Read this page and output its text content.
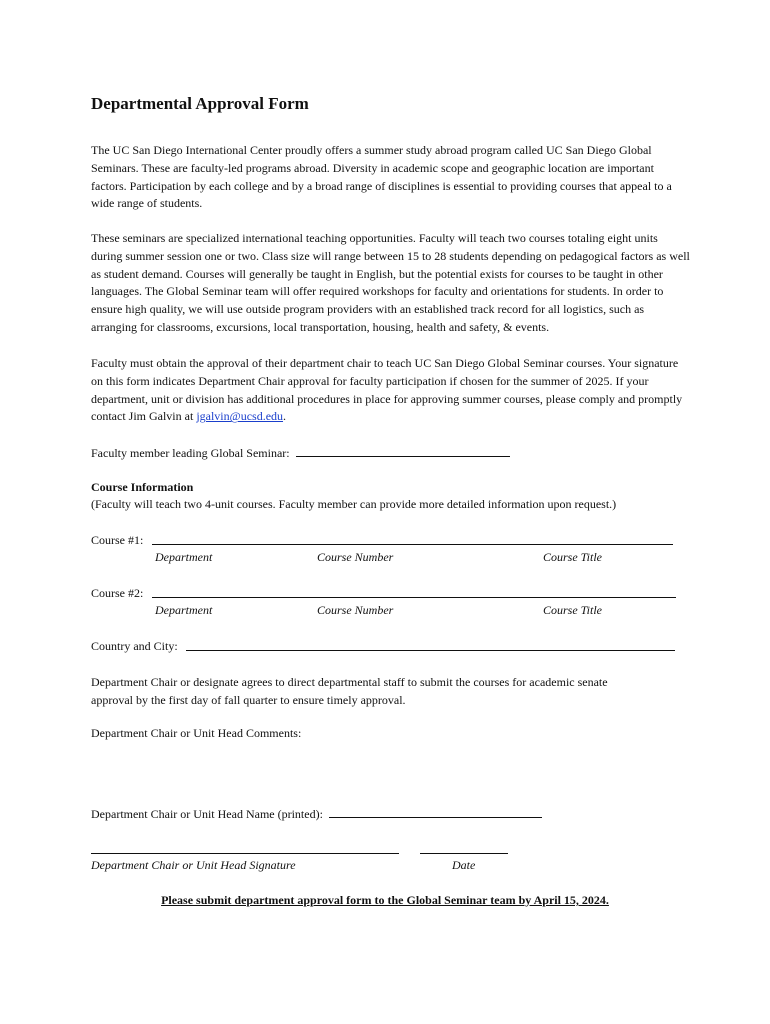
Departmental Approval Form

The UC San Diego International Center proudly offers a summer study abroad program called UC San Diego Global Seminars. These are faculty-led programs abroad. Diversity in academic scope and geographic location are important factors. Participation by each college and by a broad range of disciplines is essential to providing courses that appeal to a wide range of students.

These seminars are specialized international teaching opportunities. Faculty will teach two courses totaling eight units during summer session one or two. Class size will range between 15 to 28 students depending on pedagogical factors as well as student demand. Courses will generally be taught in English, but the potential exists for courses to be taught in other languages. The Global Seminar team will offer required workshops for faculty and orientations for students. In order to ensure high quality, we will use outside program providers with an established track record for all logistics, such as arranging for classrooms, excursions, local transportation, housing, health and safety, & events.

Faculty must obtain the approval of their department chair to teach UC San Diego Global Seminar courses. Your signature on this form indicates Department Chair approval for faculty participation if chosen for the summer of 2025. If your department, unit or division has additional procedures in place for approving summer courses, please comply and promptly contact Jim Galvin at jgalvin@ucsd.edu.

Faculty member leading Global Seminar:
Course Information
(Faculty will teach two 4-unit courses. Faculty member can provide more detailed information upon request.)
Course #1:
Department	Course Number	Course Title
Course #2:
Department	Course Number	Course Title
Country and City:

Department Chair or designate agrees to direct departmental staff to submit the courses for academic senate approval by the first day of fall quarter to ensure timely approval.

Department Chair or Unit Head Comments:
Department Chair or Unit Head Name (printed):
Department Chair or Unit Head Signature	Date

Please submit department approval form to the Global Seminar team by April 15, 2024.
